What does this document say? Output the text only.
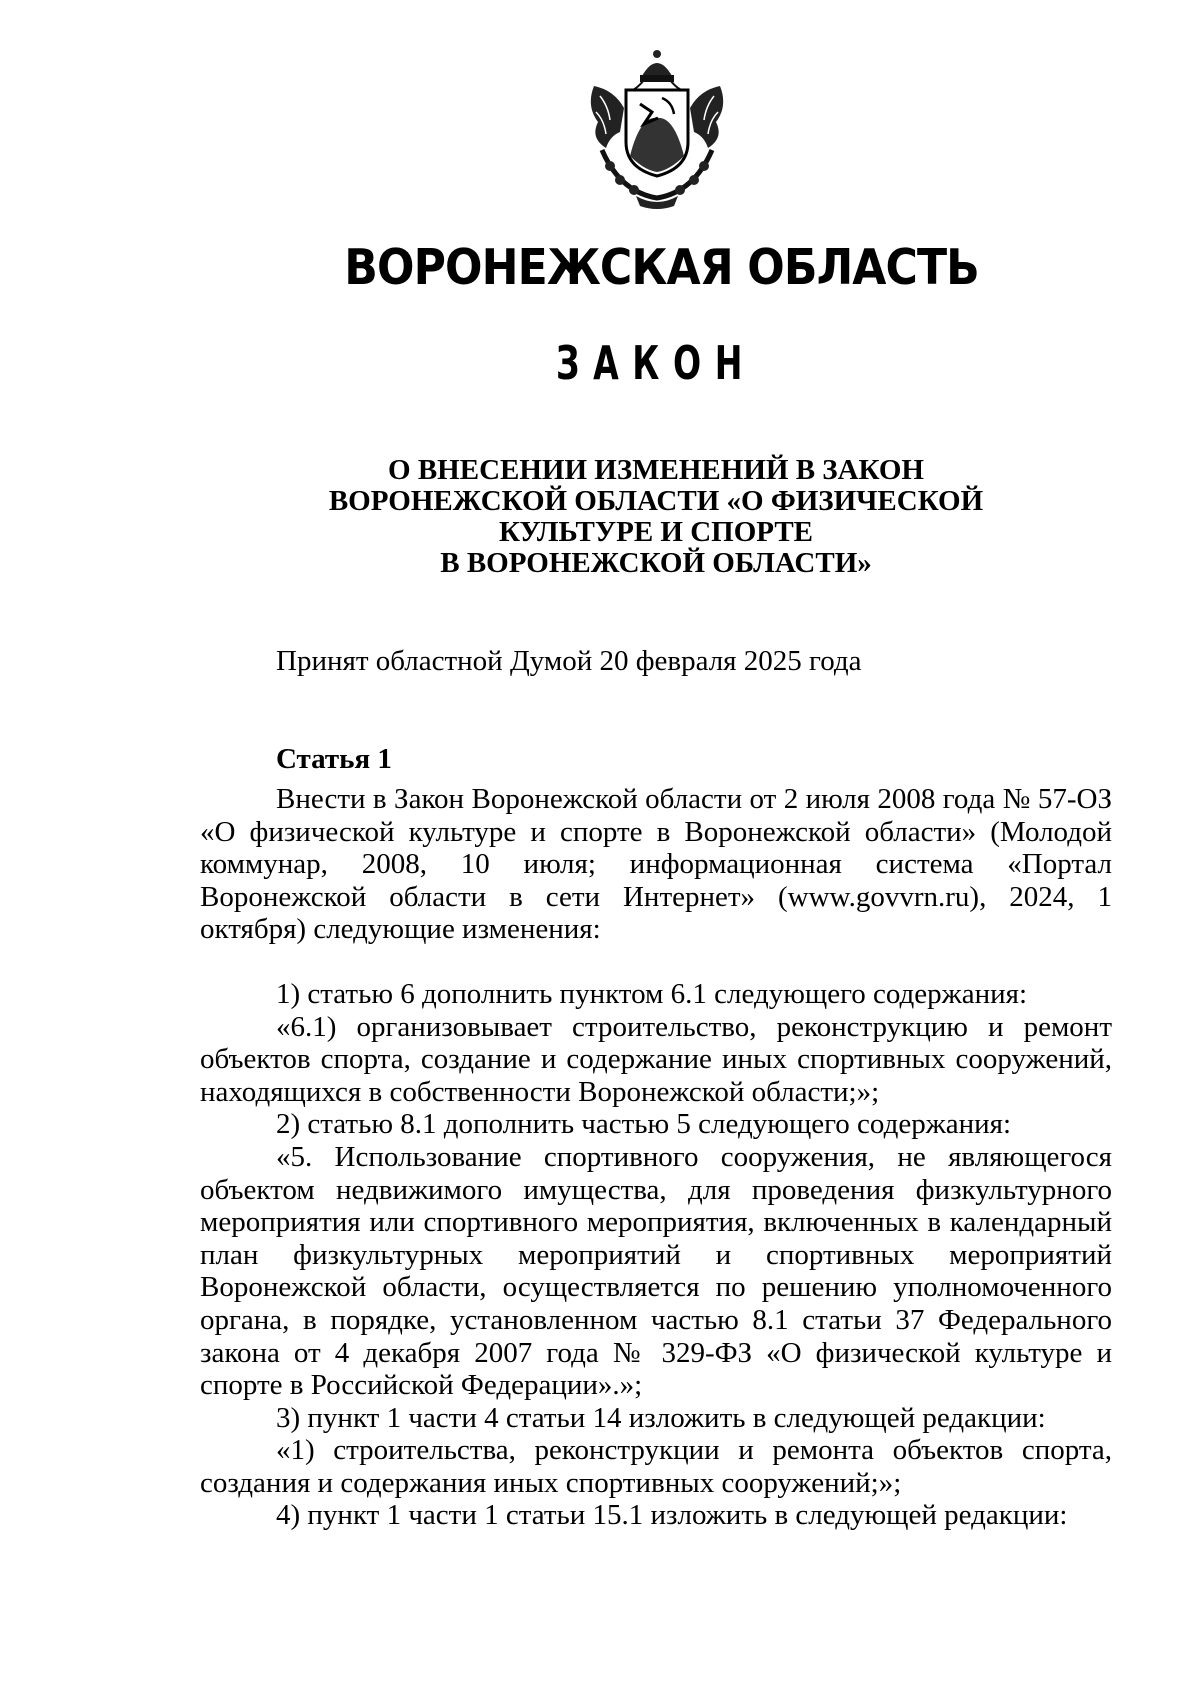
ВОРОНЕЖСКАЯ ОБЛАСТЬ
ЗАКОН
О ВНЕСЕНИИ ИЗМЕНЕНИЙ В ЗАКОН
ВОРОНЕЖСКОЙ ОБЛАСТИ «О ФИЗИЧЕСКОЙ
КУЛЬТУРЕ И СПОРТЕ
В ВОРОНЕЖСКОЙ ОБЛАСТИ»
Принят областной Думой 20 февраля 2025 года
Статья 1

Внести в Закон Воронежской области от 2 июля 2008 года № 57-ОЗ «О физической культуре и спорте в Воронежской области» (Молодой коммунар, 2008, 10 июля; информационная система «Портал Воронежской области в сети Интернет» (www.govvrn.ru), 2024, 1 октября) следующие изменения:

1) статью 6 дополнить пунктом 6.1 следующего содержания:

«6.1) организовывает строительство, реконструкцию и ремонт объектов спорта, создание и содержание иных спортивных сооружений, находящихся в собственности Воронежской области;»;

2) статью 8.1 дополнить частью 5 следующего содержания:

«5. Использование спортивного сооружения, не являющегося объектом недвижимого имущества, для проведения физкультурного мероприятия или спортивного мероприятия, включенных в календарный план физкультурных мероприятий и спортивных мероприятий Воронежской области, осуществляется по решению уполномоченного органа, в порядке, установленном частью 8.1 статьи 37 Федерального закона от 4 декабря 2007 года № 329-ФЗ «О физической культуре и спорте в Российской Федерации».»;

3) пункт 1 части 4 статьи 14 изложить в следующей редакции:

«1) строительства, реконструкции и ремонта объектов спорта, создания и содержания иных спортивных сооружений;»;

4) пункт 1 части 1 статьи 15.1 изложить в следующей редакции:
